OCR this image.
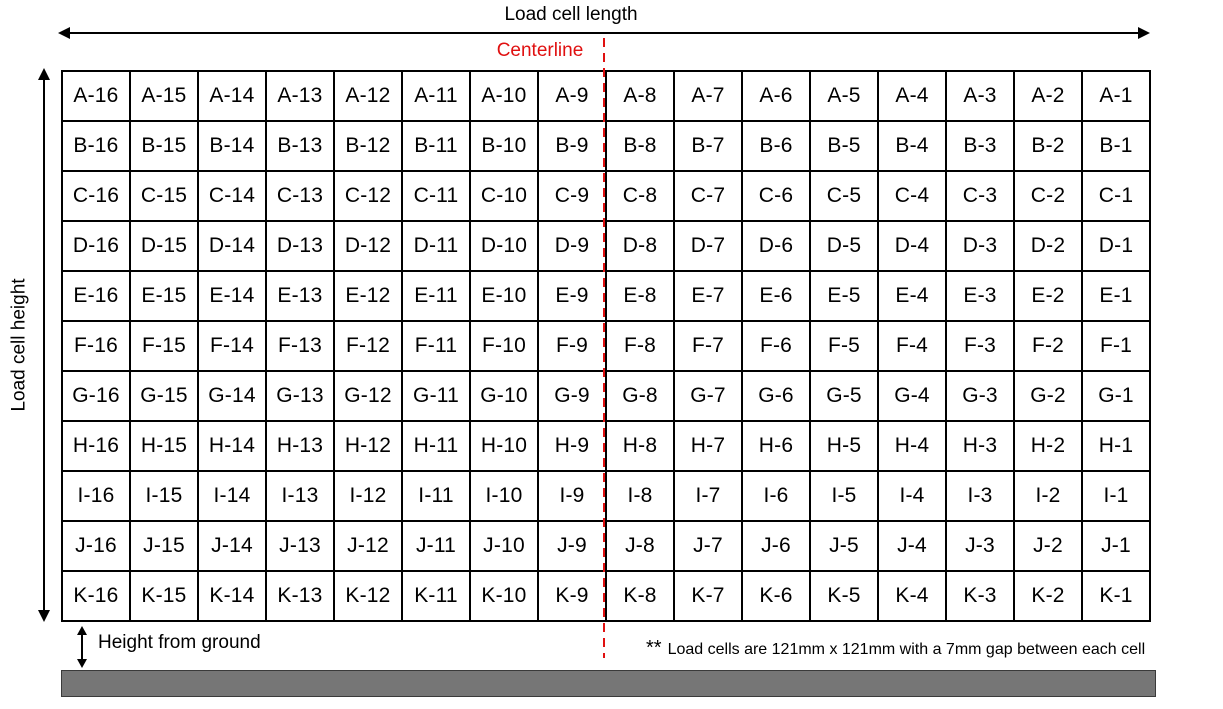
Load cell length
Centerline
Load cell height
A-16	A-15	A-14	A-13	A-12	A-11	A-10	A-9	A-8	A-7	A-6	A-5	A-4	A-3	A-2	A-1
B-16	B-15	B-14	B-13	B-12	B-11	B-10	B-9	B-8	B-7	B-6	B-5	B-4	B-3	B-2	B-1
C-16	C-15	C-14	C-13	C-12	C-11	C-10	C-9	C-8	C-7	C-6	C-5	C-4	C-3	C-2	C-1
D-16	D-15	D-14	D-13	D-12	D-11	D-10	D-9	D-8	D-7	D-6	D-5	D-4	D-3	D-2	D-1
E-16	E-15	E-14	E-13	E-12	E-11	E-10	E-9	E-8	E-7	E-6	E-5	E-4	E-3	E-2	E-1
F-16	F-15	F-14	F-13	F-12	F-11	F-10	F-9	F-8	F-7	F-6	F-5	F-4	F-3	F-2	F-1
G-16	G-15	G-14	G-13	G-12	G-11	G-10	G-9	G-8	G-7	G-6	G-5	G-4	G-3	G-2	G-1
H-16	H-15	H-14	H-13	H-12	H-11	H-10	H-9	H-8	H-7	H-6	H-5	H-4	H-3	H-2	H-1
I-16	I-15	I-14	I-13	I-12	I-11	I-10	I-9	I-8	I-7	I-6	I-5	I-4	I-3	I-2	I-1
J-16	J-15	J-14	J-13	J-12	J-11	J-10	J-9	J-8	J-7	J-6	J-5	J-4	J-3	J-2	J-1
K-16	K-15	K-14	K-13	K-12	K-11	K-10	K-9	K-8	K-7	K-6	K-5	K-4	K-3	K-2	K-1
Height from ground	** Load cells are 121mm x 121mm with a 7mm gap between each cell
